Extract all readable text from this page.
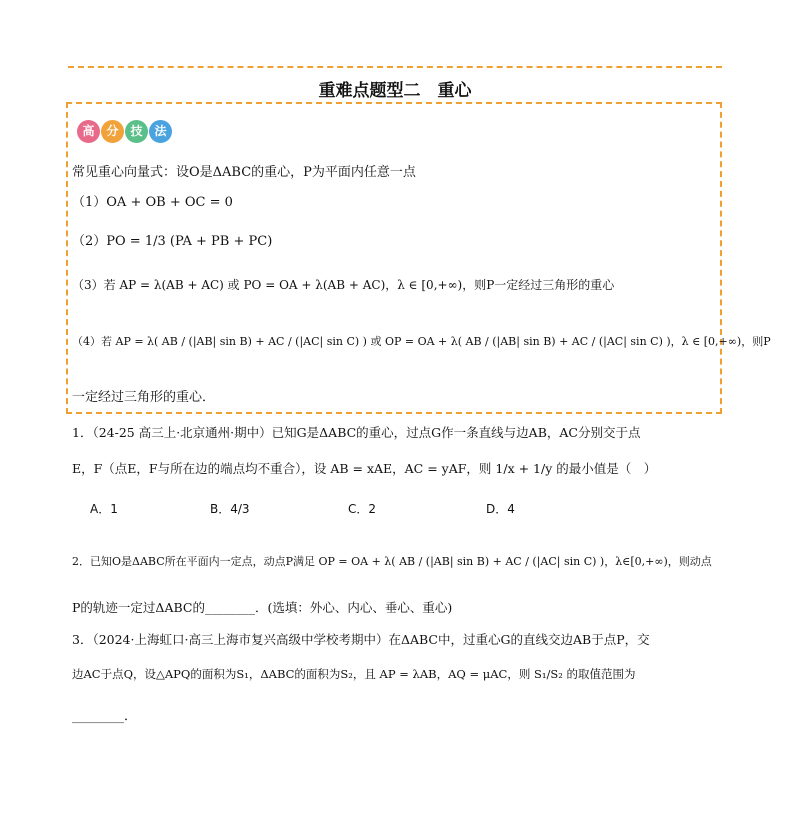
重难点题型二　重心
高 分 技 法
常见重心向量式：设O是ΔABC的重心，P为平面内任意一点
（1）OA + OB + OC = 0
（2）PO = 1/3 (PA + PB + PC)
（3）若 AP = λ(AB + AC) 或 PO = OA + λ(AB + AC)，λ ∈ [0,+∞)，则P一定经过三角形的重心
（4）若 AP = λ( AB / (|AB| sin B) + AC / (|AC| sin C) ) 或 OP = OA + λ( AB / (|AB| sin B) + AC / (|AC| sin C) )，λ ∈ [0,+∞)，则P
一定经过三角形的重心．
1．（24-25 高三上·北京通州·期中）已知G是ΔABC的重心，过点G作一条直线与边AB，AC分别交于点
E，F（点E，F与所在边的端点均不重合），设 AB = xAE，AC = yAF，则 1/x + 1/y 的最小值是（　）
A．1	B．4/3	C．2	D．4
2．已知O是ΔABC所在平面内一定点，动点P满足 OP = OA + λ( AB / (|AB| sin B) + AC / (|AC| sin C) )，λ∈[0,+∞)，则动点
P的轨迹一定过ΔABC的________．(选填：外心、内心、垂心、重心)
3．（2024·上海虹口·高三上海市复兴高级中学校考期中）在ΔABC中，过重心G的直线交边AB于点P，交
边AC于点Q，设△APQ的面积为S₁，ΔABC的面积为S₂，且 AP = λAB，AQ = μAC，则 S₁/S₂ 的取值范围为
________．
